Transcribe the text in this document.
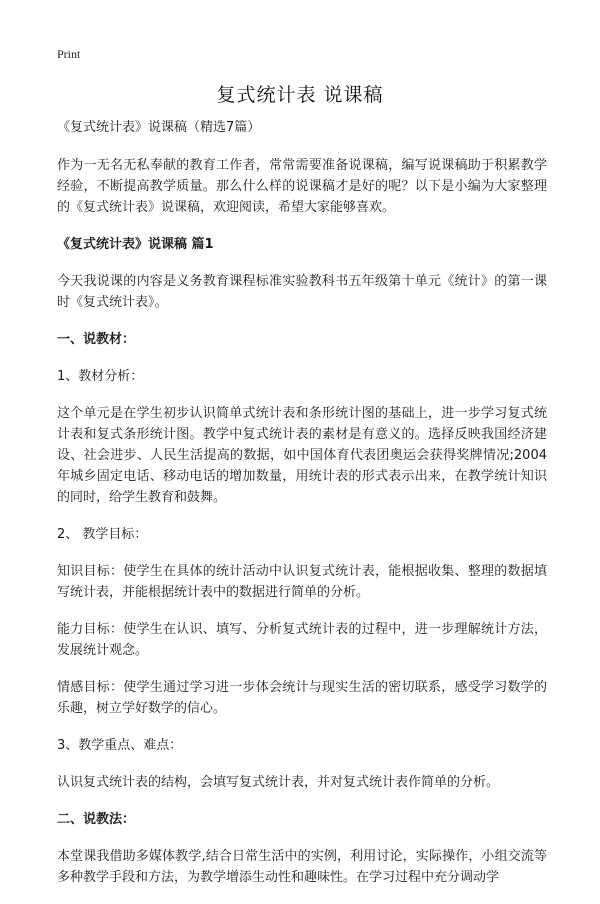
Print
复式统计表 说课稿

《复式统计表》说课稿（精选7篇）

作为一无名无私奉献的教育工作者，常常需要准备说课稿，编写说课稿助于积累教学经验，不断提高教学质量。那么什么样的说课稿才是好的呢？以下是小编为大家整理的《复式统计表》说课稿，欢迎阅读，希望大家能够喜欢。

《复式统计表》说课稿 篇1

今天我说课的内容是义务教育课程标准实验教科书五年级第十单元《统计》的第一课时《复式统计表》。

一、说教材：

1、教材分析：

这个单元是在学生初步认识简单式统计表和条形统计图的基础上，进一步学习复式统计表和复式条形统计图。教学中复式统计表的素材是有意义的。选择反映我国经济建设、社会进步、人民生活提高的数据，如中国体育代表团奥运会获得奖牌情况;2004年城乡固定电话、移动电话的增加数量，用统计表的形式表示出来，在教学统计知识的同时，给学生教育和鼓舞。

2、 教学目标：

知识目标：使学生在具体的统计活动中认识复式统计表，能根据收集、整理的数据填写统计表，并能根据统计表中的数据进行简单的分析。

能力目标：使学生在认识、填写、分析复式统计表的过程中，进一步理解统计方法，发展统计观念。

情感目标：使学生通过学习进一步体会统计与现实生活的密切联系，感受学习数学的乐趣，树立学好数学的信心。

3、教学重点、难点：

认识复式统计表的结构，会填写复式统计表，并对复式统计表作简单的分析。

二、说教法：

本堂课我借助多媒体教学,结合日常生活中的实例，利用讨论，实际操作，小组交流等多种教学手段和方法，为教学增添生动性和趣味性。在学习过程中充分调动学
